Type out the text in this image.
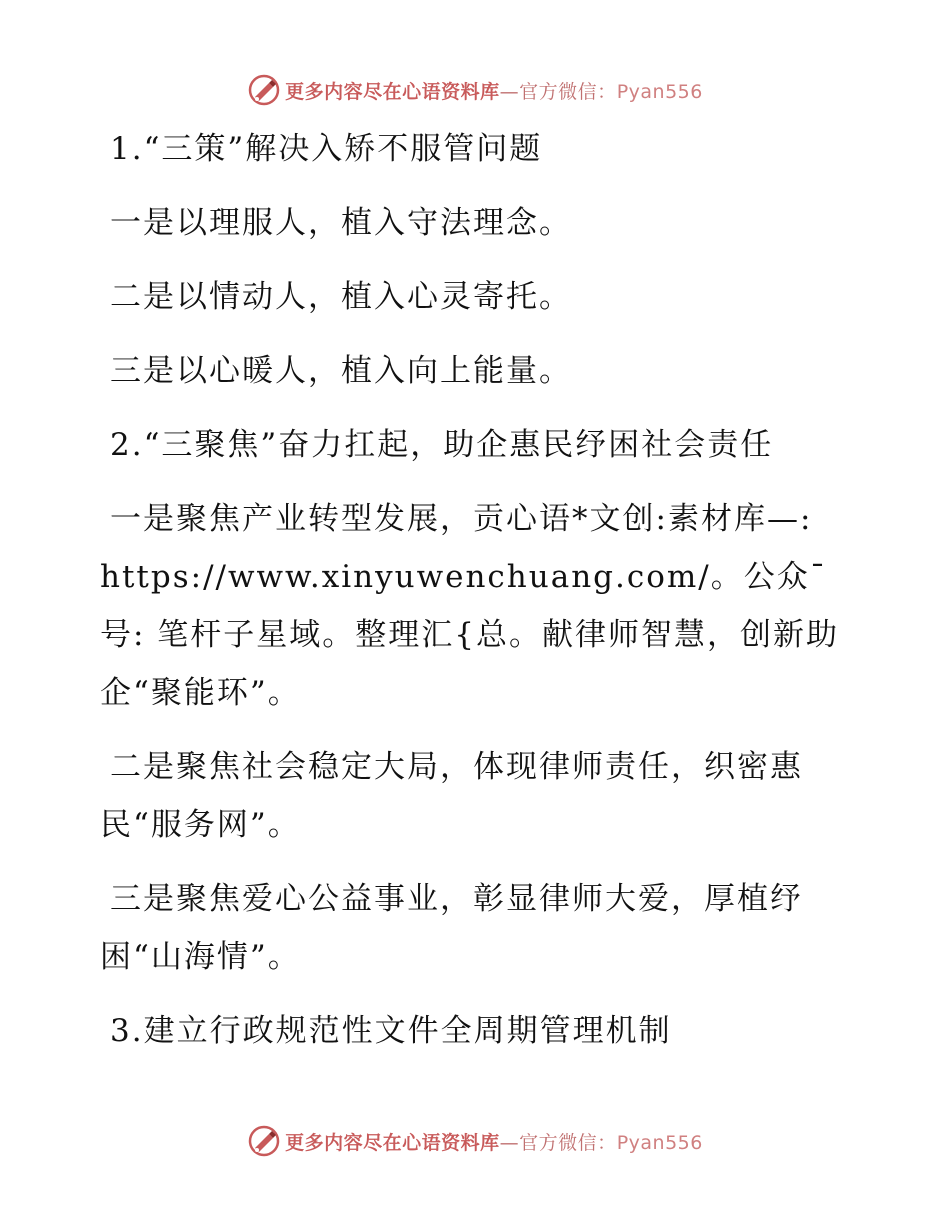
更多内容尽在心语资料库—官方微信：Pyan556

1.“三策”解决入矫不服管问题

一是以理服人，植入守法理念。

二是以情动人，植入心灵寄托。

三是以心暖人，植入向上能量。

2.“三聚焦”奋力扛起，助企惠民纾困社会责任

一是聚焦产业转型发展，贡心语*文创:素材库—: https://www.xinyuwenchuang.com/。公众¯号: 笔杆子星域。整理汇{总。献律师智慧，创新助企“聚能环”。

二是聚焦社会稳定大局，体现律师责任，织密惠民“服务网”。

三是聚焦爱心公益事业，彰显律师大爱，厚植纾困“山海情”。

3.建立行政规范性文件全周期管理机制

更多内容尽在心语资料库—官方微信：Pyan556
